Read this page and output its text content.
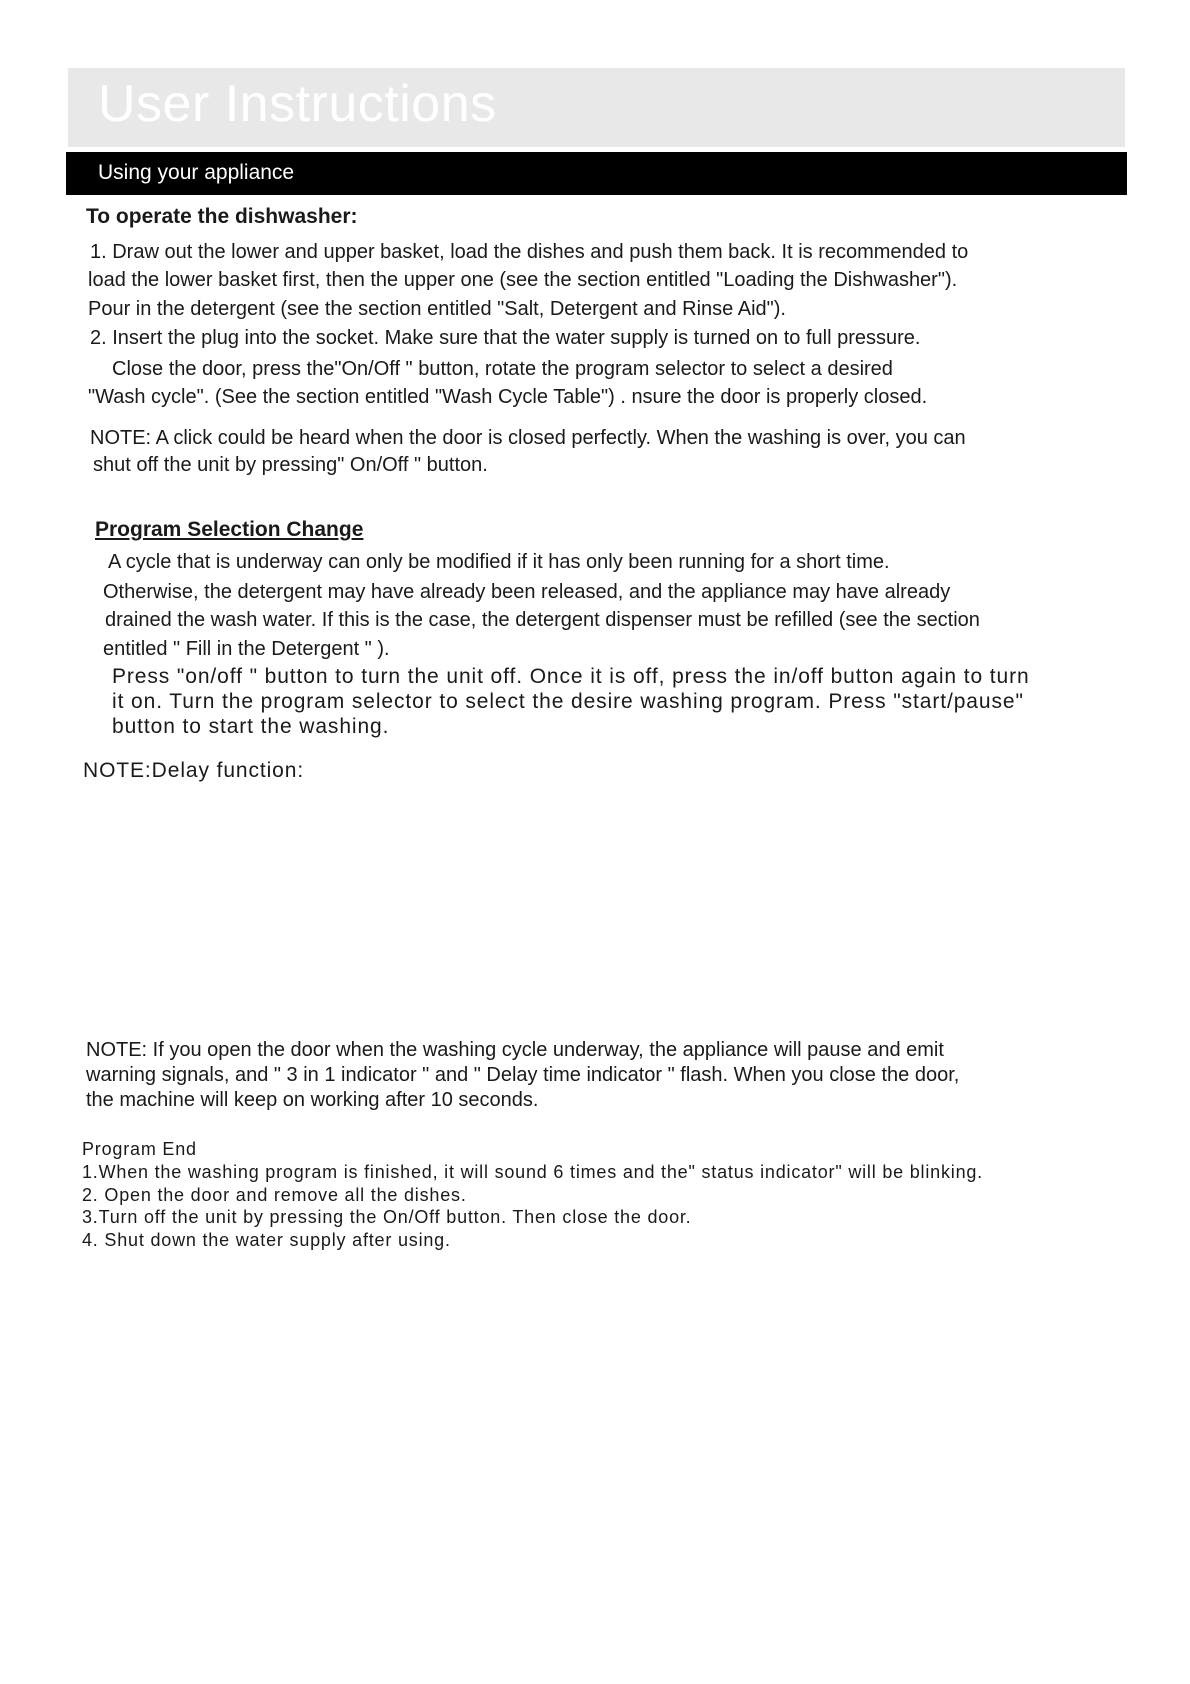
User Instructions
Using your appliance
To operate the dishwasher:
1. Draw out the lower and upper basket, load the dishes and push them back. It is recommended to
load the lower basket first, then the upper one (see the section entitled "Loading the Dishwasher").
Pour in the detergent (see the section entitled "Salt, Detergent and Rinse Aid").
2. Insert the plug into the socket. Make sure that the water supply is turned on to full pressure.
Close the door, press the"On/Off " button, rotate the program selector to select a desired
"Wash cycle". (See the section entitled "Wash Cycle Table") . nsure the door is properly closed.
NOTE: A click could be heard when the door is closed perfectly. When the washing is over, you can
shut off the unit by pressing" On/Off " button.
Program Selection Change
A cycle that is underway can only be modified if it has only been running for a short time.
Otherwise, the detergent may have already been released, and the appliance may have already
drained the wash water. If this is the case, the detergent dispenser must be refilled (see the section
entitled " Fill in the Detergent " ).
Press "on/off " button to turn the unit off. Once it is off, press the in/off button again to turn
it on. Turn the program selector to select the desire washing program. Press "start/pause"
button to start the washing.
NOTE:Delay function:
NOTE: If you open the door when the washing cycle underway, the appliance will pause and emit
warning signals, and " 3 in 1 indicator " and " Delay time indicator " flash. When you close the door,
the machine will keep on working after 10 seconds.
Program End
1.When the washing program is finished, it will sound 6 times and the" status indicator" will be blinking.
2. Open the door and remove all the dishes.
3.Turn off the unit by pressing the On/Off button. Then close the door.
4. Shut down the water supply after using.
